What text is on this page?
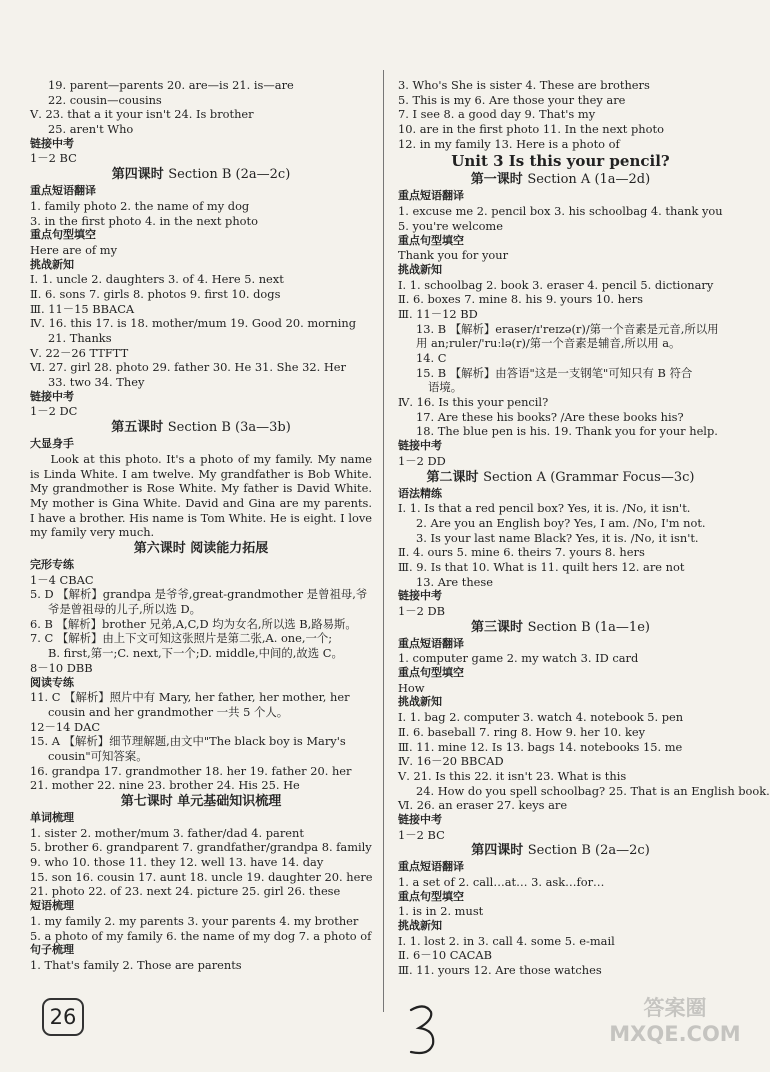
19. parent—parents 20. are—is 21. is—are
22. cousin—cousins
Ⅴ. 23. that a it your isn't 24. Is brother
25. aren't Who
链接中考
1－2 BC
第四课时 Section B (2a—2c)
重点短语翻译
1. family photo 2. the name of my dog
3. in the first photo 4. in the next photo
重点句型填空
Here are of my
挑战新知
Ⅰ. 1. uncle 2. daughters 3. of 4. Here 5. next
Ⅱ. 6. sons 7. girls 8. photos 9. first 10. dogs
Ⅲ. 11－15 BBACA
Ⅳ. 16. this 17. is 18. mother/mum 19. Good 20. morning
21. Thanks
Ⅴ. 22－26 TTFTT
Ⅵ. 27. girl 28. photo 29. father 30. He 31. She 32. Her
33. two 34. They
链接中考
1－2 DC
第五课时 Section B (3a—3b)
大显身手
Look at this photo. It's a photo of my family. My name is Linda White. I am twelve. My grandfather is Bob White. My grandmother is Rose White. My father is David White. My mother is Gina White. David and Gina are my parents. I have a brother. His name is Tom White. He is eight. I love my family very much.
第六课时 阅读能力拓展
完形专练
1－4 CBAC
5. D 【解析】grandpa 是爷爷,great-grandmother 是曾祖母,爷
爷是曾祖母的儿子,所以选 D。
6. B 【解析】brother 兄弟,A,C,D 均为女名,所以选 B,路易斯。
7. C 【解析】由上下文可知这张照片是第二张,A. one,一个;
B. first,第一;C. next,下一个;D. middle,中间的,故选 C。
8－10 DBB
阅读专练
11. C 【解析】照片中有 Mary, her father, her mother, her
cousin and her grandmother 一共 5 个人。
12－14 DAC
15. A 【解析】细节理解题,由文中"The black boy is Mary's
cousin"可知答案。
16. grandpa 17. grandmother 18. her 19. father 20. her
21. mother 22. nine 23. brother 24. His 25. He
第七课时 单元基础知识梳理
单词梳理
1. sister 2. mother/mum 3. father/dad 4. parent
5. brother 6. grandparent 7. grandfather/grandpa 8. family
9. who 10. those 11. they 12. well 13. have 14. day
15. son 16. cousin 17. aunt 18. uncle 19. daughter 20. here
21. photo 22. of 23. next 24. picture 25. girl 26. these
短语梳理
1. my family 2. my parents 3. your parents 4. my brother
5. a photo of my family 6. the name of my dog 7. a photo of
句子梳理
1. That's family 2. Those are parents
3. Who's She is sister 4. These are brothers
5. This is my 6. Are those your they are
7. I see 8. a good day 9. That's my
10. are in the first photo 11. In the next photo
12. in my family 13. Here is a photo of
Unit 3 Is this your pencil?
第一课时 Section A (1a—2d)
重点短语翻译
1. excuse me 2. pencil box 3. his schoolbag 4. thank you
5. you're welcome
重点句型填空
Thank you for your
挑战新知
Ⅰ. 1. schoolbag 2. book 3. eraser 4. pencil 5. dictionary
Ⅱ. 6. boxes 7. mine 8. his 9. yours 10. hers
Ⅲ. 11－12 BD
13. B 【解析】eraser/ɪ'reɪzə(r)/第一个音素是元音,所以用
用 an;ruler/'ruːlə(r)/第一个音素是辅音,所以用 a。
14. C
15. B 【解析】由答语"这是一支钢笔"可知只有 B 符合
语境。
Ⅳ. 16. Is this your pencil?
17. Are these his books? /Are these books his?
18. The blue pen is his. 19. Thank you for your help.
链接中考
1－2 DD
第二课时 Section A (Grammar Focus—3c)
语法精练
Ⅰ. 1. Is that a red pencil box? Yes, it is. /No, it isn't.
2. Are you an English boy? Yes, I am. /No, I'm not.
3. Is your last name Black? Yes, it is. /No, it isn't.
Ⅱ. 4. ours 5. mine 6. theirs 7. yours 8. hers
Ⅲ. 9. Is that 10. What is 11. quilt hers 12. are not
13. Are these
链接中考
1－2 DB
第三课时 Section B (1a—1e)
重点短语翻译
1. computer game 2. my watch 3. ID card
重点句型填空
How
挑战新知
Ⅰ. 1. bag 2. computer 3. watch 4. notebook 5. pen
Ⅱ. 6. baseball 7. ring 8. How 9. her 10. key
Ⅲ. 11. mine 12. Is 13. bags 14. notebooks 15. me
Ⅳ. 16－20 BBCAD
Ⅴ. 21. Is this 22. it isn't 23. What is this
24. How do you spell schoolbag? 25. That is an English book.
Ⅵ. 26. an eraser 27. keys are
链接中考
1－2 BC
第四课时 Section B (2a—2c)
重点短语翻译
1. a set of 2. call…at… 3. ask…for…
重点句型填空
1. is in 2. must
挑战新知
Ⅰ. 1. lost 2. in 3. call 4. some 5. e-mail
Ⅱ. 6－10 CACAB
Ⅲ. 11. yours 12. Are those watches
26	答案圈
MXQE.COM
